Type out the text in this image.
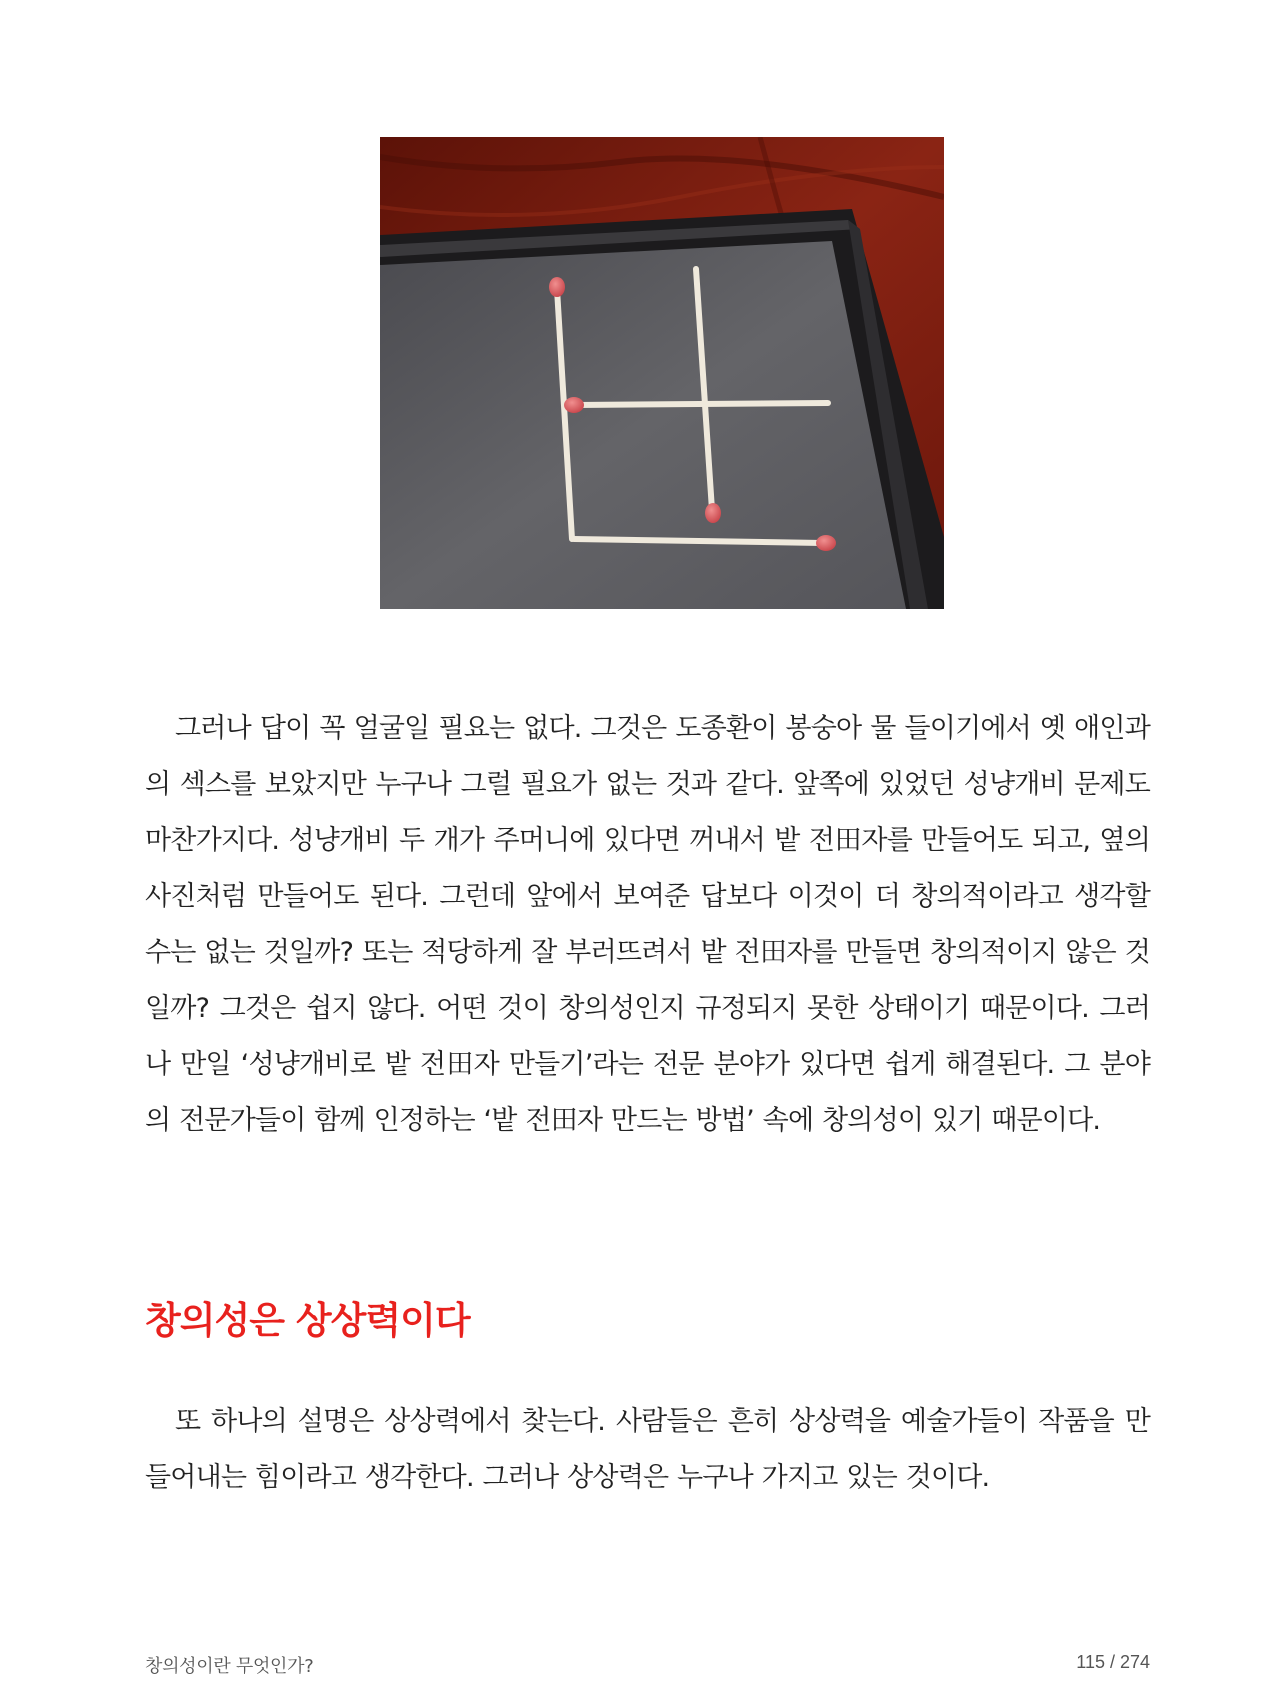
그러나 답이 꼭 얼굴일 필요는 없다. 그것은 도종환이 봉숭아 물 들이기에서 옛 애인과의 섹스를 보았지만 누구나 그럴 필요가 없는 것과 같다. 앞쪽에 있었던 성냥개비 문제도 마찬가지다. 성냥개비 두 개가 주머니에 있다면 꺼내서 밭 전田자를 만들어도 되고, 옆의 사진처럼 만들어도 된다. 그런데 앞에서 보여준 답보다 이것이 더 창의적이라고 생각할 수는 없는 것일까? 또는 적당하게 잘 부러뜨려서 밭 전田자를 만들면 창의적이지 않은 것일까? 그것은 쉽지 않다. 어떤 것이 창의성인지 규정되지 못한 상태이기 때문이다. 그러나 만일 ‘성냥개비로 밭 전田자 만들기’라는 전문 분야가 있다면 쉽게 해결된다. 그 분야의 전문가들이 함께 인정하는 ‘밭 전田자 만드는 방법’ 속에 창의성이 있기 때문이다.

창의성은 상상력이다

또 하나의 설명은 상상력에서 찾는다. 사람들은 흔히 상상력을 예술가들이 작품을 만들어내는 힘이라고 생각한다. 그러나 상상력은 누구나 가지고 있는 것이다.

창의성이란 무엇인가?	115 / 274
